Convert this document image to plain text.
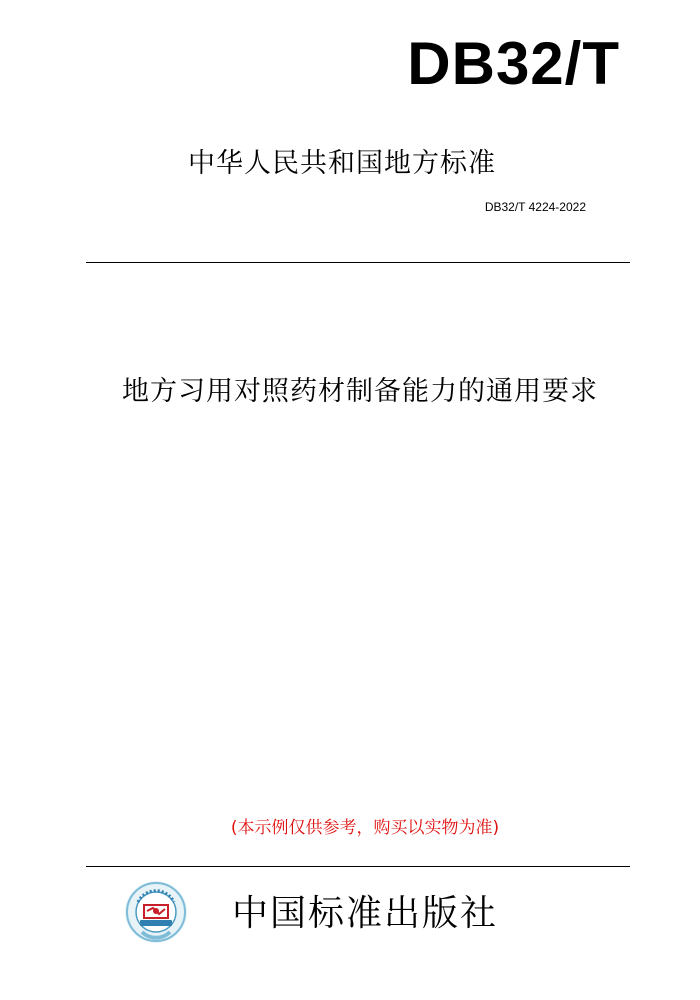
DB32/T
中华人民共和国地方标准
DB32/T 4224-2022
地方习用对照药材制备能力的通用要求
(本示例仅供参考，购买以实物为准)
中国标准出版社
